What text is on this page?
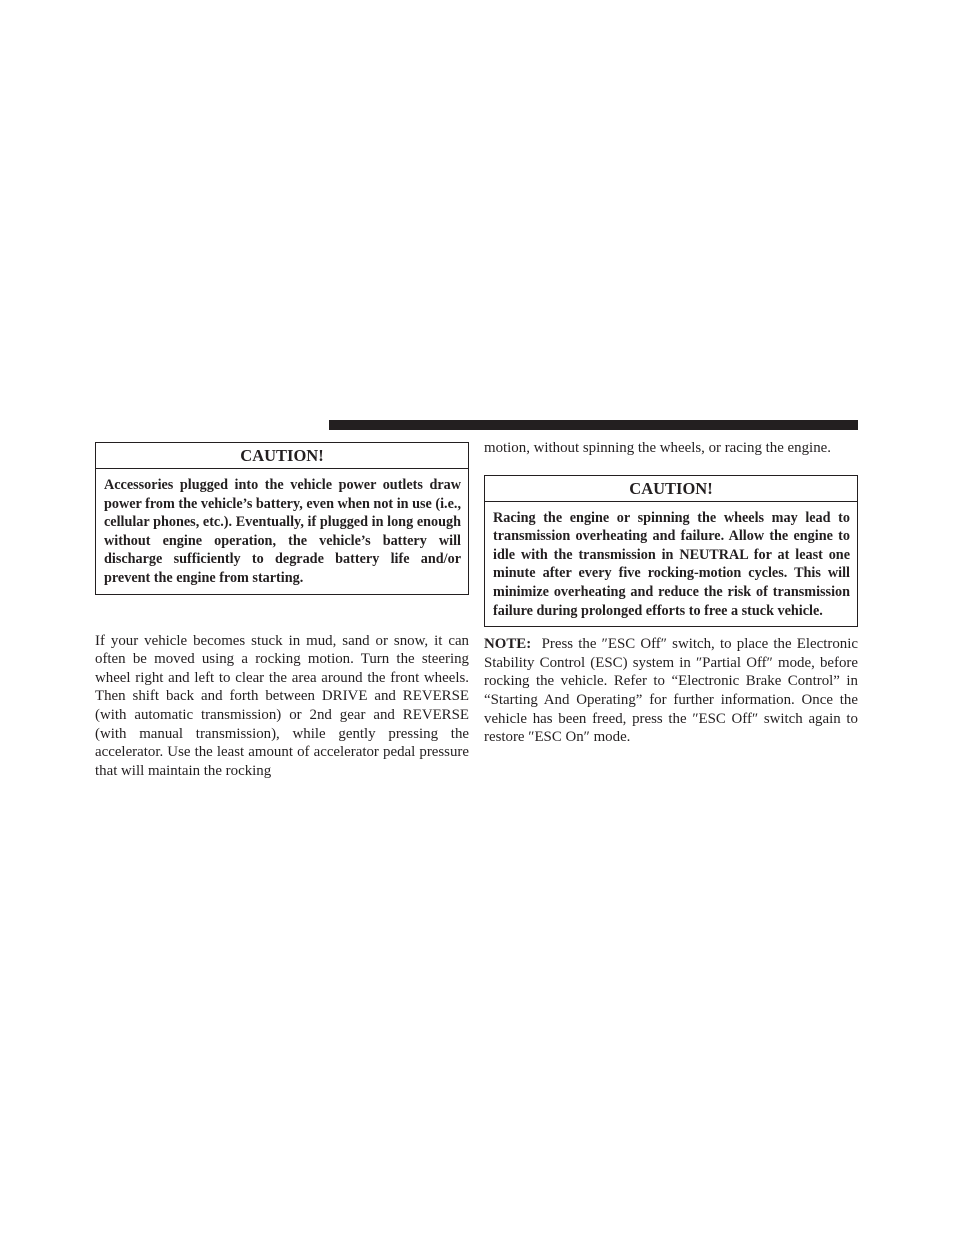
CAUTION!
Accessories plugged into the vehicle power outlets draw power from the vehicle’s battery, even when not in use (i.e., cellular phones, etc.). Eventually, if plugged in long enough without engine operation, the vehicle’s battery will discharge sufficiently to degrade battery life and/or prevent the engine from starting.

If your vehicle becomes stuck in mud, sand or snow, it can often be moved using a rocking motion. Turn the steering wheel right and left to clear the area around the front wheels. Then shift back and forth between DRIVE and REVERSE (with automatic transmission) or 2nd gear and REVERSE (with manual transmission), while gently pressing the accelerator. Use the least amount of accelerator pedal pressure that will maintain the rocking

motion, without spinning the wheels, or racing the engine.

CAUTION!
Racing the engine or spinning the wheels may lead to transmission overheating and failure. Allow the engine to idle with the transmission in NEUTRAL for at least one minute after every five rocking-motion cycles. This will minimize overheating and reduce the risk of transmission failure during prolonged efforts to free a stuck vehicle.

NOTE: Press the ″ESC Off″ switch, to place the Electronic Stability Control (ESC) system in ″Partial Off″ mode, before rocking the vehicle. Refer to “Electronic Brake Control” in “Starting And Operating” for further information. Once the vehicle has been freed, press the ″ESC Off″ switch again to restore ″ESC On″ mode.
